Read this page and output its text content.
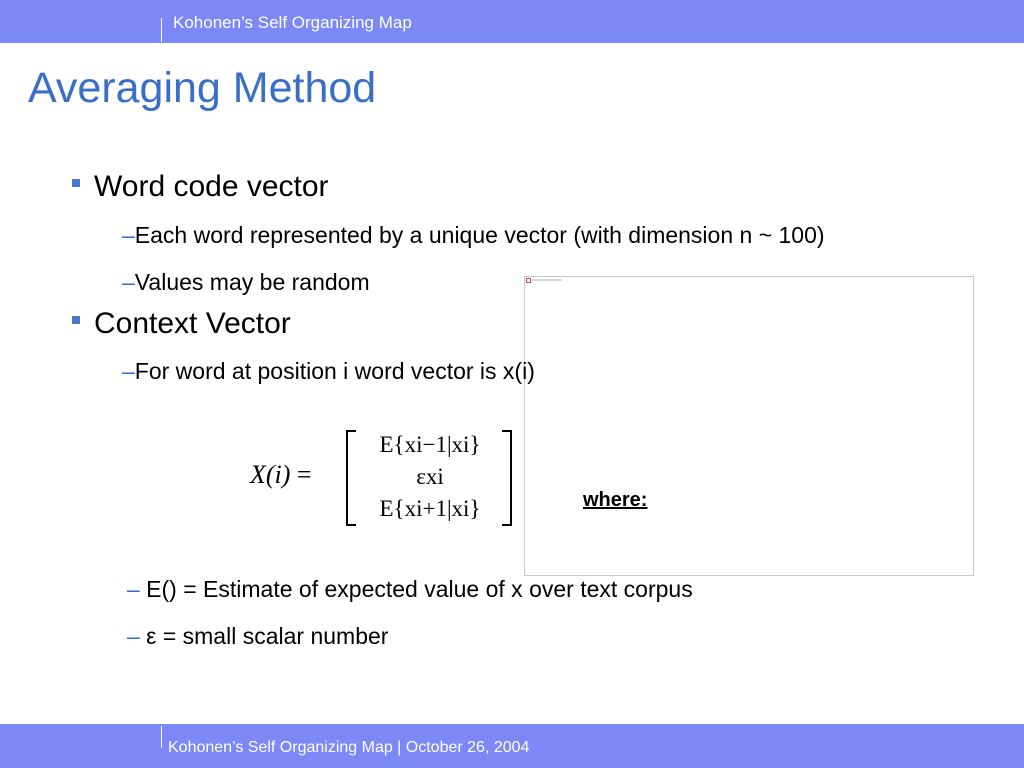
Kohonen’s Self Organizing Map
Averaging Method
Word code vector
–Each word represented by a unique vector (with dimension n ~ 100)
–Values may be random
Context Vector
–For word at position i word vector is x(i)
X(i) =
E{xi−1|xi}
εxi
E{xi+1|xi}	where:
– E() = Estimate of expected value of x over text corpus
– ε = small scalar number
Kohonen’s Self Organizing Map | October 26, 2004
